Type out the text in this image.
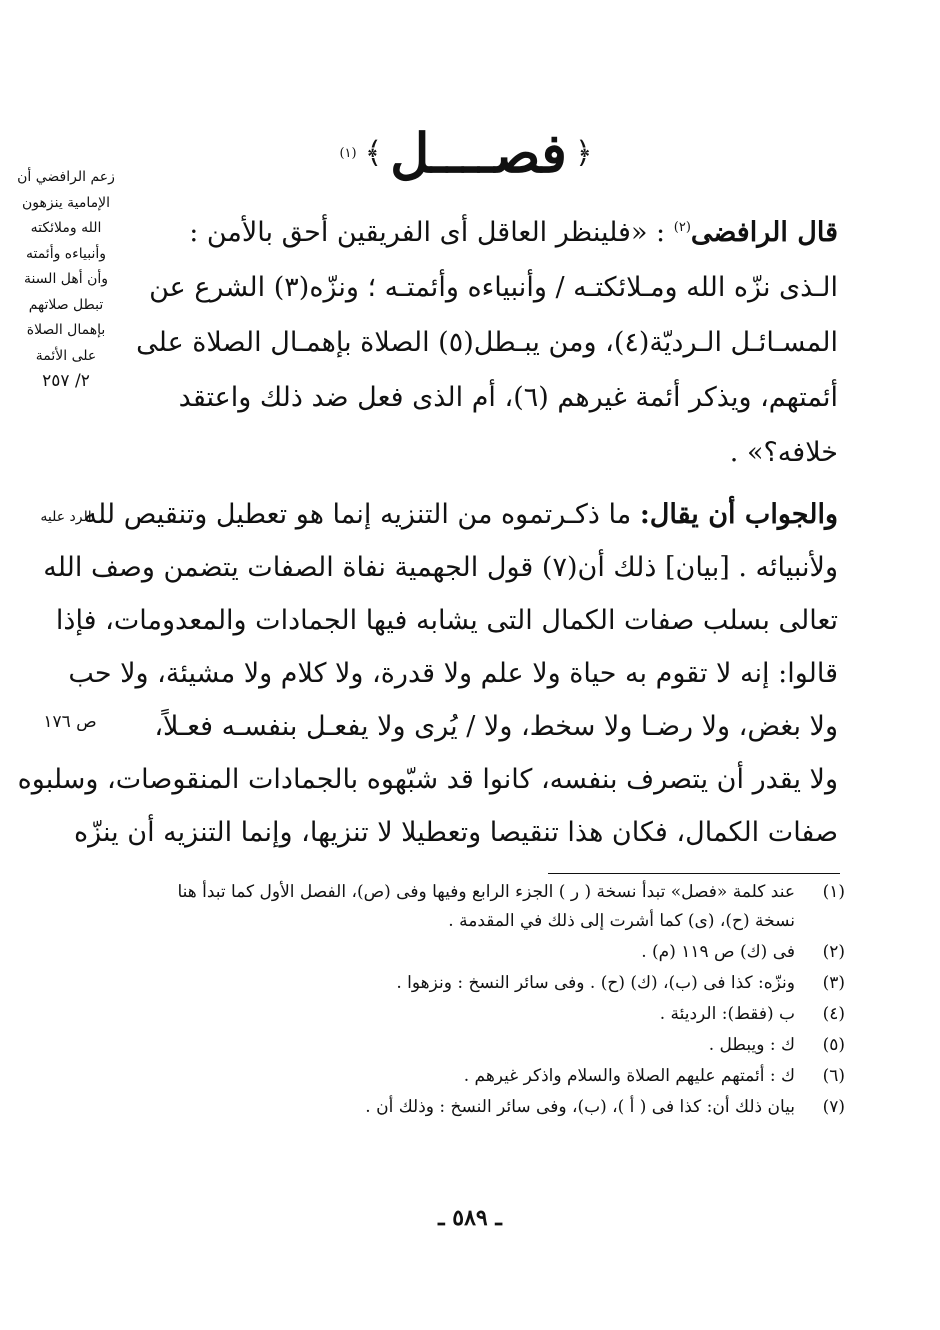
﴿
فصــــل
﴾
(١)
قال الرافضى$^{(٢)}$ : «فلينظر العاقل أى الفريقين أحق بالأمن :
الـذى نزّه الله ومـلائكتـه / وأنبياءه وأئمتـه ؛ ونزّه(٣) الشرع عن
المسـائـل الـرديّة(٤)، ومن يبـطل(٥) الصلاة بإهمـال الصلاة على
أئمتهم، ويذكر أئمة غيرهم (٦)، أم الذى فعل ضد ذلك واعتقد
خلافه؟» .
والجواب أن يقال: ما ذكـرتموه من التنزيه إنما هو تعطيل وتنقيص لله
ولأنبيائه . [بيان] ذلك أن(٧) قول الجهمية نفاة الصفات يتضمن وصف الله
تعالى بسلب صفات الكمال التى يشابه فيها الجمادات والمعدومات، فإذا
قالوا: إنه لا تقوم به حياة ولا علم ولا قدرة، ولا كلام ولا مشيئة، ولا حب
ولا بغض، ولا رضـا ولا سخط، ولا / يُرى ولا يفعـل بنفسـه فعـلاً،
ولا يقدر أن يتصرف بنفسه، كانوا قد شبّهوه بالجمادات المنقوصات، وسلبوه
صفات الكمال، فكان هذا تنقيصا وتعطيلا لا تنزيها، وإنما التنزيه أن ينزّه
زعم الرافضي أن
الإمامية ينزهون
الله وملائكته
وأنبياءه وأئمته
وأن أهل السنة
تبطل صلاتهم
بإهمال الصلاة
على الأئمة
٢/ ٢٥٧
الرد عليه
ص ١٧٦
(١)
عند كلمة «فصل» تبدأ نسخة ( ر ) الجزء الرابع وفيها وفى (ص)، الفصل الأول كما تبدأ هنا نسخة (ح)، (ى) كما أشرت إلى ذلك في المقدمة .
(٢)
فى (ك) ص ١١٩ (م) .
(٣)
ونزّه: كذا فى (ب)، (ك) (ح) . وفى سائر النسخ : ونزهوا .
(٤)
ب (فقط): الرديئة .
(٥)
ك : ويبطل .
(٦)
ك : أئمتهم عليهم الصلاة والسلام واذكر غيرهم .
(٧)
بيان ذلك أن: كذا فى ( أ )، (ب)، وفى سائر النسخ : وذلك أن .
ـ ٥٨٩ ـ
